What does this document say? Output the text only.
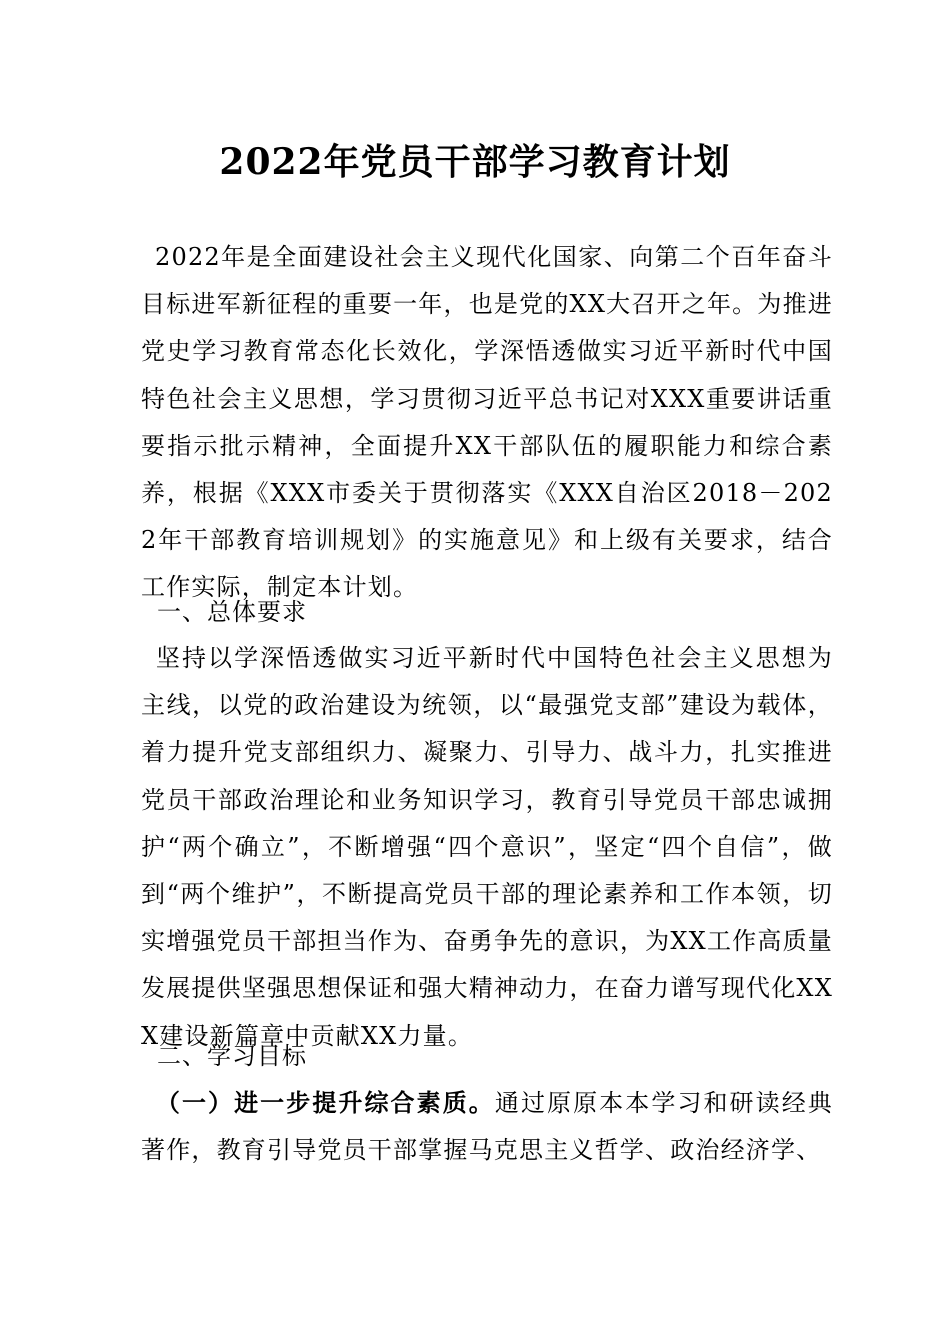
2022年党员干部学习教育计划

2022年是全面建设社会主义现代化国家、向第二个百年奋斗目标进军新征程的重要一年，也是党的XX大召开之年。为推进党史学习教育常态化长效化，学深悟透做实习近平新时代中国特色社会主义思想，学习贯彻习近平总书记对XXX重要讲话重要指示批示精神，全面提升XX干部队伍的履职能力和综合素养，根据《XXX市委关于贯彻落实《XXX自治区2018－2022年干部教育培训规划》的实施意见》和上级有关要求，结合工作实际，制定本计划。

一、总体要求

坚持以学深悟透做实习近平新时代中国特色社会主义思想为主线，以党的政治建设为统领，以“最强党支部”建设为载体，着力提升党支部组织力、凝聚力、引导力、战斗力，扎实推进党员干部政治理论和业务知识学习，教育引导党员干部忠诚拥护“两个确立”，不断增强“四个意识”，坚定“四个自信”，做到“两个维护”，不断提高党员干部的理论素养和工作本领，切实增强党员干部担当作为、奋勇争先的意识，为XX工作高质量发展提供坚强思想保证和强大精神动力，在奋力谱写现代化XXX建设新篇章中贡献XX力量。

二、学习目标

（一）进一步提升综合素质。通过原原本本学习和研读经典著作，教育引导党员干部掌握马克思主义哲学、政治经济学、
